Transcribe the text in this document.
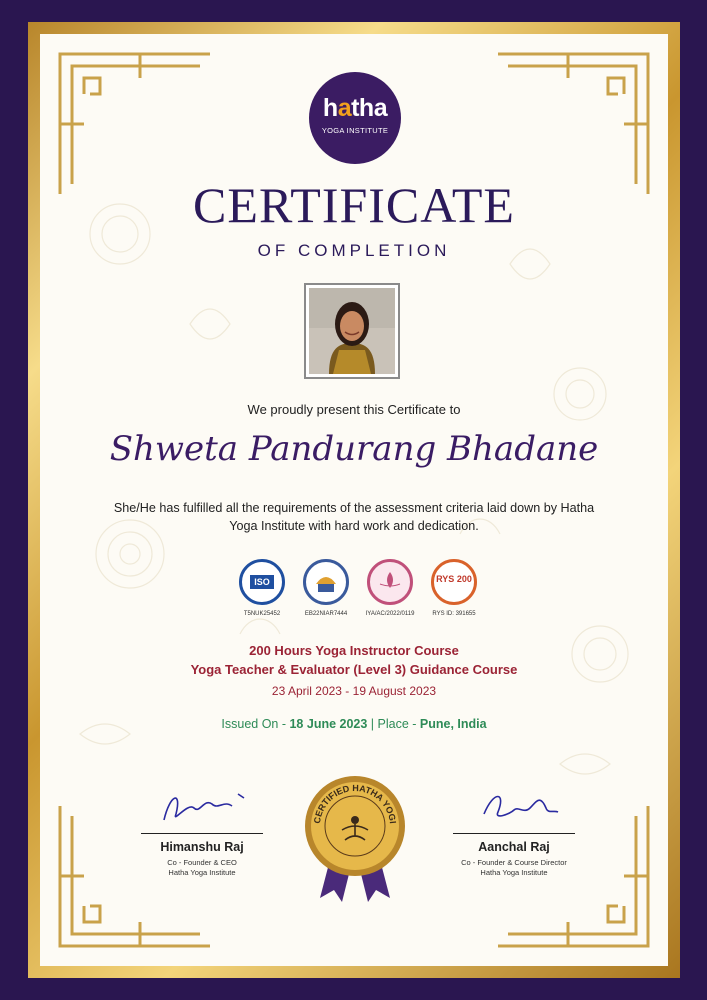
hatha
YOGA INSTITUTE
CERTIFICATE
OF COMPLETION
We proudly present this Certificate to
Shweta Pandurang Bhadane
She/He has fulfilled all the requirements of the assessment criteria laid down by Hatha Yoga Institute with hard work and dedication.
ISO
T5NUK25452	EB22NIAR7444	IYA/AC/2022/0119
RYS 200
RYS ID: 391655
200 Hours Yoga Instructor Course
Yoga Teacher & Evaluator (Level 3) Guidance Course
23 April 2023 - 19 August 2023
Issued On - 18 June 2023 | Place - Pune, India
Himanshu Raj
Co - Founder & CEO
Hatha Yoga Institute
CERTIFIED HATHA YOGI
Aanchal Raj
Co - Founder & Course Director
Hatha Yoga Institute
